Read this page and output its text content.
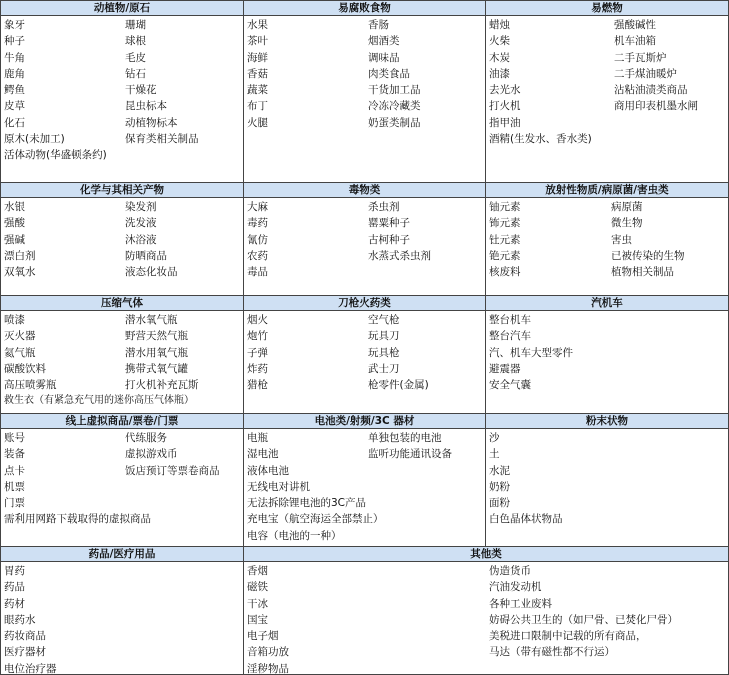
动植物/原石
象牙
种子
牛角
鹿角
鳄鱼
皮草
化石
原木(未加工)
珊瑚
球根
毛皮
钻石
干燥花
昆虫标本
动植物标本
保育类相关制品
活体动物(华盛顿条约)
易腐败食物
水果
茶叶
海鲜
香菇
蔬菜
布丁
火腿
香肠
烟酒类
调味品
肉类食品
干货加工品
冷冻冷藏类
奶蛋类制品
易燃物
蜡烛
火柴
木炭
油漆
去光水
打火机
指甲油
强酸碱性
机车油箱
二手瓦斯炉
二手煤油暖炉
沾粘油渍类商品
商用印表机墨水闸
酒精(生发水、香水类)
化学与其相关产物
水银
强酸
强碱
漂白剂
双氧水
染发剂
洗发液
沐浴液
防晒商品
液态化妆品
毒物类
大麻
毒药
氰仿
农药
毒品
杀虫剂
罂粟种子
古柯种子
水蒸式杀虫剂
放射性物质/病原菌/害虫类
铀元素
钸元素
钍元素
铯元素
核废料
病原菌
微生物
害虫
已被传染的生物
植物相关制品
压缩气体
喷漆
灭火器
氦气瓶
碳酸饮料
高压喷雾瓶
潜水氧气瓶
野营天然气瓶
潜水用氧气瓶
携带式氧气罐
打火机补充瓦斯
救生衣（有紧急充气用的迷你高压气体瓶）
刀枪火药类
烟火
炮竹
子弹
炸药
猎枪
空气枪
玩具刀
玩具枪
武士刀
枪零件(金属)
汽机车
整台机车
整台汽车
汽、机车大型零件
避震器
安全气囊
线上虚拟商品/票卷/门票
账号
装备
点卡
机票
门票
代练服务
虚拟游戏币
饭店预订等票卷商品
需利用网路下载取得的虚拟商品
电池类/射频/3C 器材
电瓶
湿电池
液体电池
单独包装的电池
监听功能通讯设备
无线电对讲机
无法拆除锂电池的3C产品
充电宝（航空海运全部禁止）
电容（电池的一种）
粉末状物
沙
土
水泥
奶粉
面粉
白色晶体状物品
药品/医疗用品
胃药
药品
药材
眼药水
药妆商品
医疗器材
电位治疗器
其他类
香烟
磁铁
干冰
国宝
电子烟
音箱功放
淫秽物品
伪造货币
汽油发动机
各种工业废料
妨碍公共卫生的（如尸骨、已焚化尸骨）
美税进口限制中记载的所有商品，
马达（带有磁性都不行运）
